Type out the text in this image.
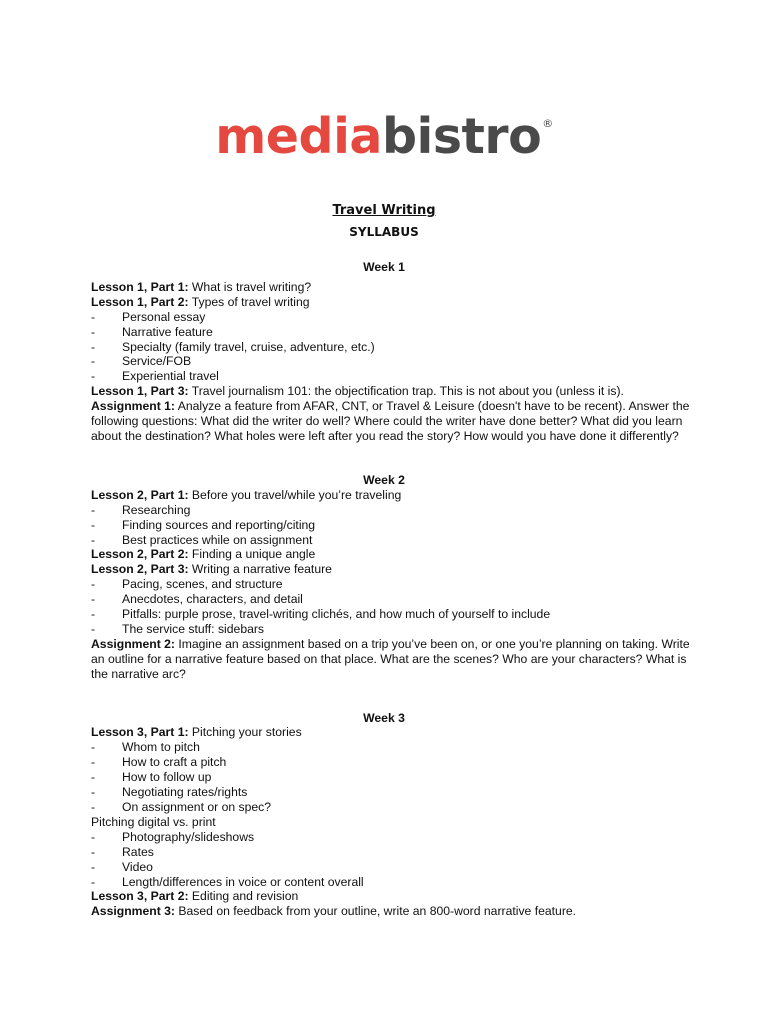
mediabistro®
Travel Writing
SYLLABUS
Week 1
Lesson 1, Part 1: What is travel writing?
Lesson 1, Part 2: Types of travel writing
-	Personal essay
-	Narrative feature
-	Specialty (family travel, cruise, adventure, etc.)
-	Service/FOB
-	Experiential travel
Lesson 1, Part 3: Travel journalism 101: the objectification trap. This is not about you (unless it is).
Assignment 1: Analyze a feature from AFAR, CNT, or Travel & Leisure (doesn't have to be recent). Answer the following questions: What did the writer do well? Where could the writer have done better? What did you learn about the destination? What holes were left after you read the story? How would you have done it differently?
Week 2
Lesson 2, Part 1: Before you travel/while you’re traveling
-	Researching
-	Finding sources and reporting/citing
-	Best practices while on assignment
Lesson 2, Part 2: Finding a unique angle
Lesson 2, Part 3: Writing a narrative feature
-	Pacing, scenes, and structure
-	Anecdotes, characters, and detail
-	Pitfalls: purple prose, travel-writing clichés, and how much of yourself to include
-	The service stuff: sidebars
Assignment 2: Imagine an assignment based on a trip you’ve been on, or one you’re planning on taking. Write an outline for a narrative feature based on that place. What are the scenes? Who are your characters? What is the narrative arc?
Week 3
Lesson 3, Part 1: Pitching your stories
-	Whom to pitch
-	How to craft a pitch
-	How to follow up
-	Negotiating rates/rights
-	On assignment or on spec?
Pitching digital vs. print
-	Photography/slideshows
-	Rates
-	Video
-	Length/differences in voice or content overall
Lesson 3, Part 2: Editing and revision
Assignment 3: Based on feedback from your outline, write an 800-word narrative feature.
